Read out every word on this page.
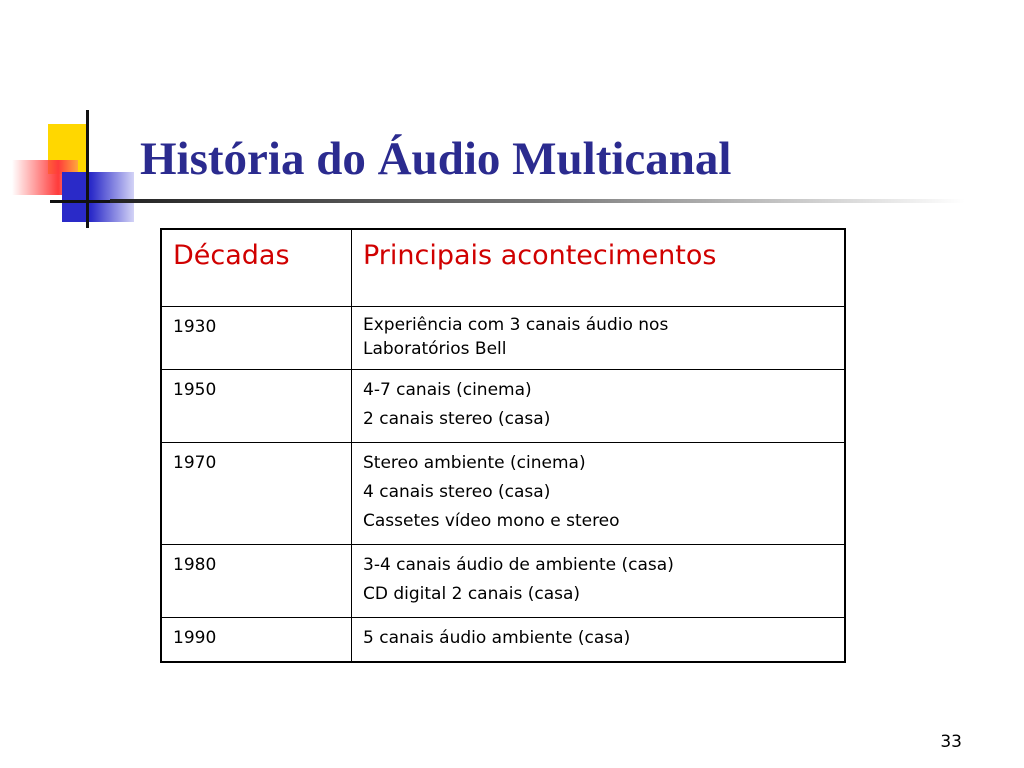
História do Áudio Multicanal
Décadas	Principais acontecimentos
1930	Experiência com 3 canais áudio nos
Laboratórios Bell

1950	4-7 canais (cinema)
2 canais stereo (casa)

1970	Stereo ambiente (cinema)
4 canais stereo (casa)
Cassetes vídeo mono e stereo

1980	3-4 canais áudio de ambiente (casa)
CD digital 2 canais (casa)

1990	5 canais áudio ambiente (casa)
33
